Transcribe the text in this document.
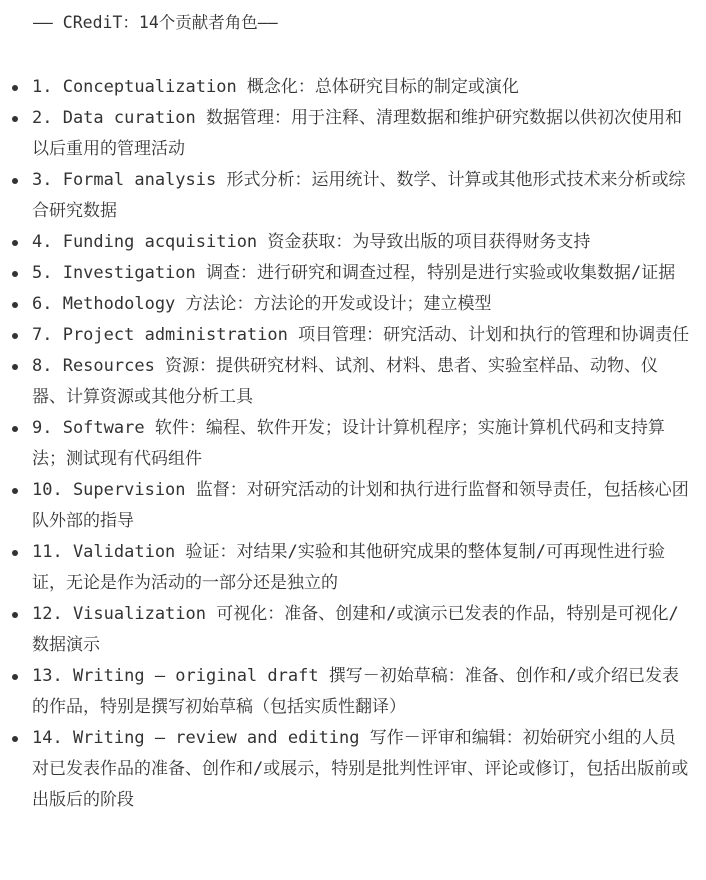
—— CRediT：14个贡献者角色——
1. Conceptualization 概念化：总体研究目标的制定或演化
2. Data curation 数据管理：用于注释、清理数据和维护研究数据以供初次使用和以后重用的管理活动
3. Formal analysis 形式分析：运用统计、数学、计算或其他形式技术来分析或综合研究数据
4. Funding acquisition 资金获取：为导致出版的项目获得财务支持
5. Investigation 调查：进行研究和调查过程，特别是进行实验或收集数据/证据
6. Methodology 方法论：方法论的开发或设计；建立模型
7. Project administration 项目管理：研究活动、计划和执行的管理和协调责任
8. Resources 资源：提供研究材料、试剂、材料、患者、实验室样品、动物、仪器、计算资源或其他分析工具
9. Software 软件：编程、软件开发；设计计算机程序；实施计算机代码和支持算法；测试现有代码组件
10. Supervision 监督：对研究活动的计划和执行进行监督和领导责任，包括核心团队外部的指导
11. Validation 验证：对结果/实验和其他研究成果的整体复制/可再现性进行验证，无论是作为活动的一部分还是独立的
12. Visualization 可视化：准备、创建和/或演示已发表的作品，特别是可视化/数据演示
13. Writing – original draft 撰写－初始草稿：准备、创作和/或介绍已发表的作品，特别是撰写初始草稿（包括实质性翻译）
14. Writing – review and editing 写作－评审和编辑：初始研究小组的人员对已发表作品的准备、创作和/或展示，特别是批判性评审、评论或修订，包括出版前或出版后的阶段
